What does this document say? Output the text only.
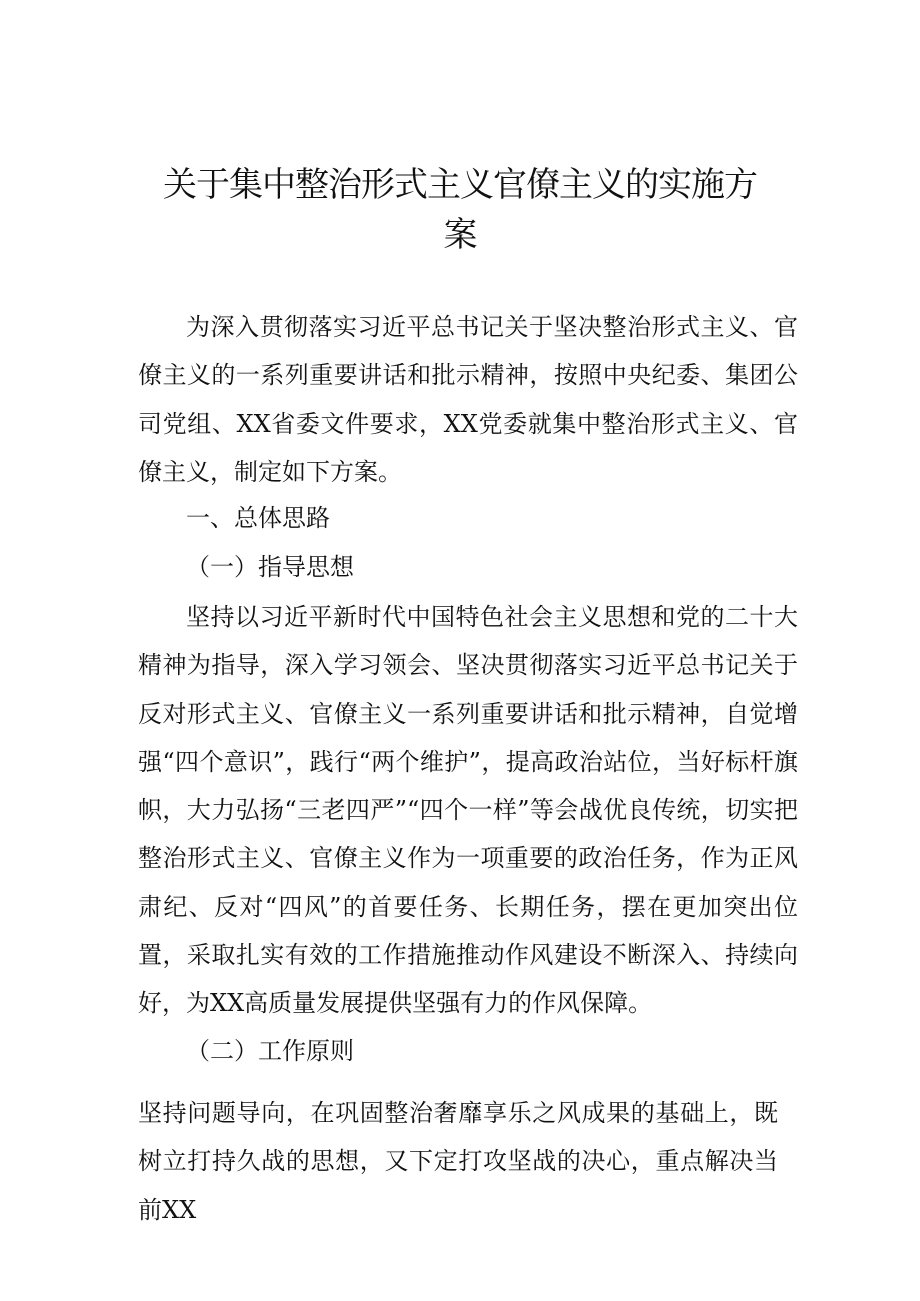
关于集中整治形式主义官僚主义的实施方
案

为深入贯彻落实习近平总书记关于坚决整治形式主义、官僚主义的一系列重要讲话和批示精神，按照中央纪委、集团公司党组、XX省委文件要求，XX党委就集中整治形式主义、官僚主义，制定如下方案。

一、总体思路
（一）指导思想

坚持以习近平新时代中国特色社会主义思想和党的二十大精神为指导，深入学习领会、坚决贯彻落实习近平总书记关于反对形式主义、官僚主义一系列重要讲话和批示精神，自觉增强“四个意识”，践行“两个维护”，提高政治站位，当好标杆旗帜，大力弘扬“三老四严”“四个一样”等会战优良传统，切实把整治形式主义、官僚主义作为一项重要的政治任务，作为正风肃纪、反对“四风”的首要任务、长期任务，摆在更加突出位置，采取扎实有效的工作措施推动作风建设不断深入、持续向好，为XX高质量发展提供坚强有力的作风保障。

（二）工作原则

坚持问题导向，在巩固整治奢靡享乐之风成果的基础上，既树立打持久战的思想，又下定打攻坚战的决心，重点解决当前XX
